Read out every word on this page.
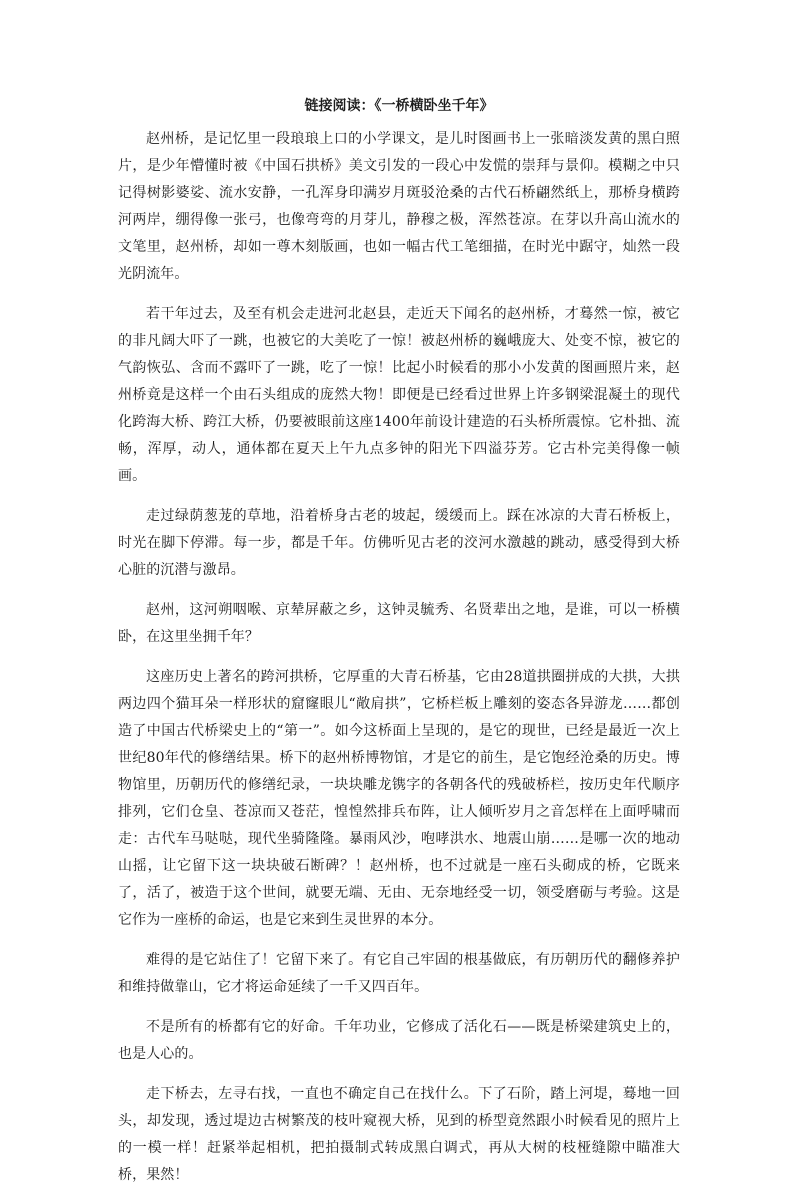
链接阅读：《一桥横卧坐千年》

赵州桥，是记忆里一段琅琅上口的小学课文，是儿时图画书上一张暗淡发黄的黑白照片，是少年懵懂时被《中国石拱桥》美文引发的一段心中发慌的崇拜与景仰。模糊之中只记得树影婆娑、流水安静，一孔浑身印满岁月斑驳沧桑的古代石桥翩然纸上，那桥身横跨河两岸，绷得像一张弓，也像弯弯的月芽儿，静穆之极，浑然苍凉。在芽以升高山流水的文笔里，赵州桥，却如一尊木刻版画，也如一幅古代工笔细描，在时光中踞守，灿然一段光阴流年。

若干年过去，及至有机会走进河北赵县，走近天下闻名的赵州桥，才蓦然一惊，被它的非凡阔大吓了一跳，也被它的大美吃了一惊！被赵州桥的巍峨庞大、处变不惊，被它的气韵恢弘、含而不露吓了一跳，吃了一惊！比起小时候看的那小小发黄的图画照片来，赵州桥竟是这样一个由石头组成的庞然大物！即便是已经看过世界上许多钢梁混凝土的现代化跨海大桥、跨江大桥，仍要被眼前这座1400年前设计建造的石头桥所震惊。它朴拙、流畅，浑厚，动人，通体都在夏天上午九点多钟的阳光下四溢芬芳。它古朴完美得像一帧画。

走过绿荫葱茏的草地，沿着桥身古老的坡起，缓缓而上。踩在冰凉的大青石桥板上，时光在脚下停滞。每一步，都是千年。仿佛听见古老的洨河水激越的跳动，感受得到大桥心脏的沉潜与激昂。

赵州，这河朔咽喉、京辇屏蔽之乡，这钟灵毓秀、名贤辈出之地，是谁，可以一桥横卧，在这里坐拥千年？

这座历史上著名的跨河拱桥，它厚重的大青石桥基，它由28道拱圈拼成的大拱，大拱两边四个猫耳朵一样形状的窟窿眼儿“敞肩拱”，它桥栏板上雕刻的姿态各异游龙……都创造了中国古代桥梁史上的“第一”。如今这桥面上呈现的，是它的现世，已经是最近一次上世纪80年代的修缮结果。桥下的赵州桥博物馆，才是它的前生，是它饱经沧桑的历史。博物馆里，历朝历代的修缮纪录，一块块雕龙镌字的各朝各代的残破桥栏，按历史年代顺序排列，它们仓皇、苍凉而又苍茫，惶惶然排兵布阵，让人倾听岁月之音怎样在上面呼啸而走：古代车马哒哒，现代坐骑隆隆。暴雨风沙，咆哮洪水、地震山崩……是哪一次的地动山摇，让它留下这一块块破石断碑？！赵州桥，也不过就是一座石头砌成的桥，它既来了，活了，被造于这个世间，就要无端、无由、无奈地经受一切，领受磨砺与考验。这是它作为一座桥的命运，也是它来到生灵世界的本分。

难得的是它站住了！它留下来了。有它自己牢固的根基做底，有历朝历代的翻修养护和维持做靠山，它才将运命延续了一千又四百年。

不是所有的桥都有它的好命。千年功业，它修成了活化石——既是桥梁建筑史上的，也是人心的。

走下桥去，左寻右找，一直也不确定自己在找什么。下了石阶，踏上河堤，蓦地一回头，却发现，透过堤边古树繁茂的枝叶窥视大桥，见到的桥型竟然跟小时候看见的照片上的一模一样！赶紧举起相机，把拍摄制式转成黑白调式，再从大树的枝桠缝隙中瞄准大桥，果然！
